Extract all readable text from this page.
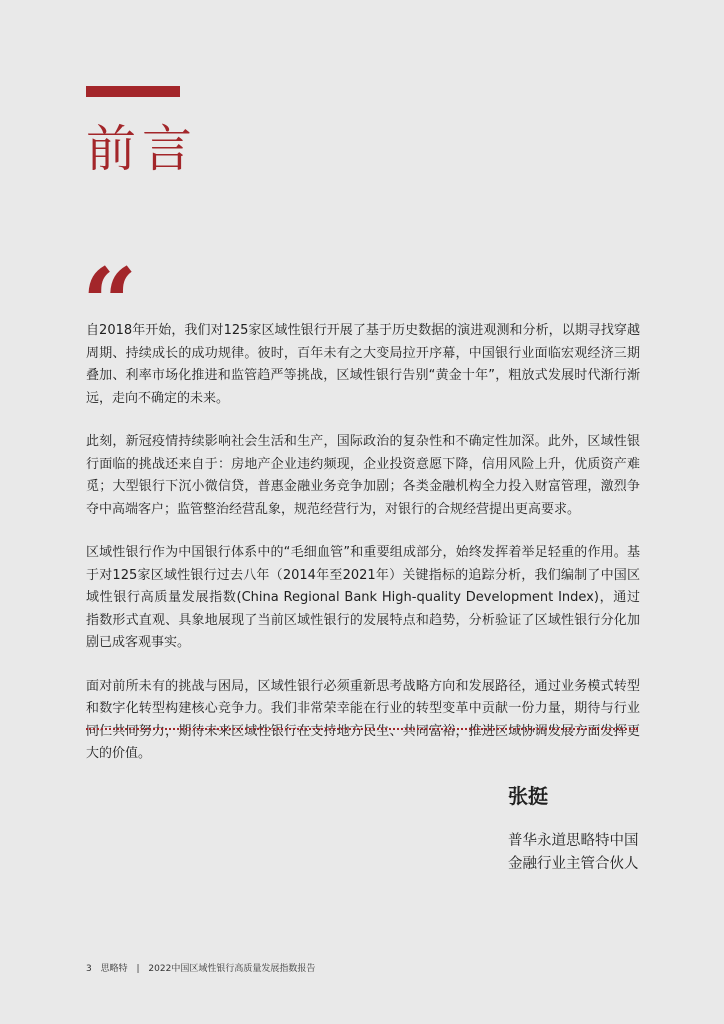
前言
“

自2018年开始，我们对125家区域性银行开展了基于历史数据的演进观测和分析，以期寻找穿越周期、持续成长的成功规律。彼时，百年未有之大变局拉开序幕，中国银行业面临宏观经济三期叠加、利率市场化推进和监管趋严等挑战，区域性银行告别“黄金十年”，粗放式发展时代渐行渐远，走向不确定的未来。

此刻，新冠疫情持续影响社会生活和生产，国际政治的复杂性和不确定性加深。此外，区域性银行面临的挑战还来自于：房地产企业违约频现，企业投资意愿下降，信用风险上升，优质资产难觅；大型银行下沉小微信贷，普惠金融业务竞争加剧；各类金融机构全力投入财富管理，激烈争夺中高端客户；监管整治经营乱象，规范经营行为，对银行的合规经营提出更高要求。

区域性银行作为中国银行体系中的“毛细血管”和重要组成部分，始终发挥着举足轻重的作用。基于对125家区域性银行过去八年（2014年至2021年）关键指标的追踪分析，我们编制了中国区域性银行高质量发展指数(China Regional Bank High-quality Development Index)，通过指数形式直观、具象地展现了当前区域性银行的发展特点和趋势，分析验证了区域性银行分化加剧已成客观事实。

面对前所未有的挑战与困局，区域性银行必须重新思考战略方向和发展路径，通过业务模式转型和数字化转型构建核心竞争力。我们非常荣幸能在行业的转型变革中贡献一份力量，期待与行业同仁共同努力，期待未来区域性银行在支持地方民生、共同富裕，推进区域协调发展方面发挥更大的价值。

张挺
普华永道思略特中国
金融行业主管合伙人
3 思略特 | 2022中国区域性银行高质量发展指数报告
